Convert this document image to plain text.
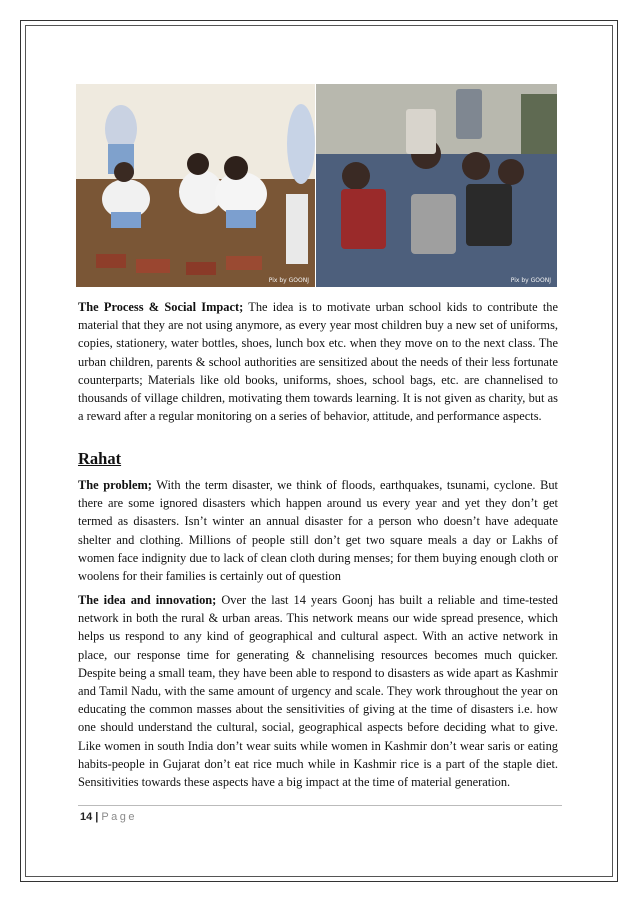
Pix by GOONJ	Pix by GOONJ
The Process & Social Impact; The idea is to motivate urban school kids to contribute the material that they are not using anymore, as every year most children buy a new set of uniforms, copies, stationery, water bottles, shoes, lunch box etc. when they move on to the next class. The urban children, parents & school authorities are sensitized about the needs of their less fortunate counterparts; Materials like old books, uniforms, shoes, school bags, etc. are channelised to thousands of village children, motivating them towards learning. It is not given as charity, but as a reward after a regular monitoring on a series of behavior, attitude, and performance aspects.
Rahat
The problem; With the term disaster, we think of floods, earthquakes, tsunami, cyclone. But there are some ignored disasters which happen around us every year and yet they don’t get termed as disasters. Isn’t winter an annual disaster for a person who doesn’t have adequate shelter and clothing. Millions of people still don’t get two square meals a day or Lakhs of women face indignity due to lack of clean cloth during menses; for them buying enough cloth or woolens for their families is certainly out of question
The idea and innovation; Over the last 14 years Goonj has built a reliable and time-tested network in both the rural & urban areas. This network means our wide spread presence, which helps us respond to any kind of geographical and cultural aspect. With an active network in place, our response time for generating & channelising resources becomes much quicker. Despite being a small team, they have been able to respond to disasters as wide apart as Kashmir and Tamil Nadu, with the same amount of urgency and scale. They work throughout the year on educating the common masses about the sensitivities of giving at the time of disasters i.e. how one should understand the cultural, social, geographical aspects before deciding what to give. Like women in south India don’t wear suits while women in Kashmir don’t wear saris or eating habits-people in Gujarat don’t eat rice much while in Kashmir rice is a part of the staple diet. Sensitivities towards these aspects have a big impact at the time of material generation.
14 | Page
